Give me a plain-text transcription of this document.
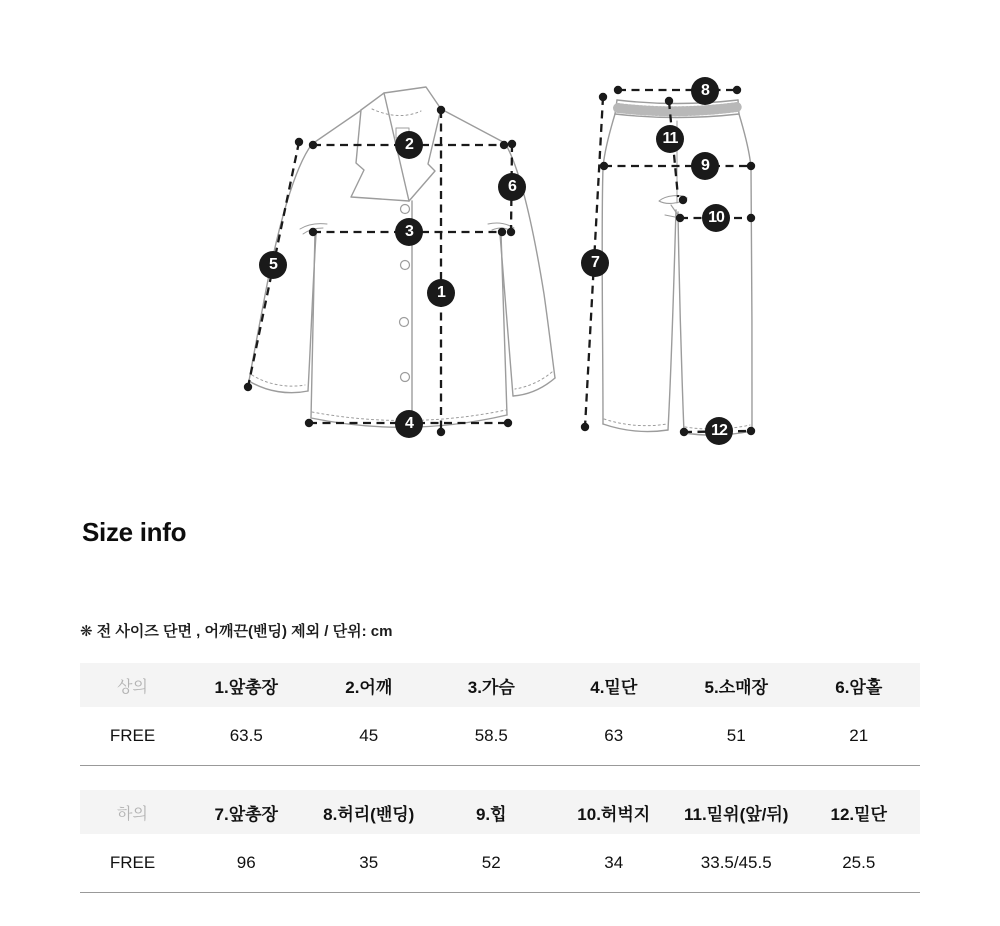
1
2
3
4
5
6
7
8
9
10
11
12
Size info

❋ 전 사이즈 단면 , 어깨끈(밴딩) 제외 / 단위: cm

상의	1.앞총장	2.어깨	3.가슴	4.밑단	5.소매장	6.암홀
FREE	63.5	45	58.5	63	51	21
하의	7.앞총장	8.허리(밴딩)	9.힙	10.허벅지	11.밑위(앞/뒤)	12.밑단
FREE	96	35	52	34	33.5/45.5	25.5
